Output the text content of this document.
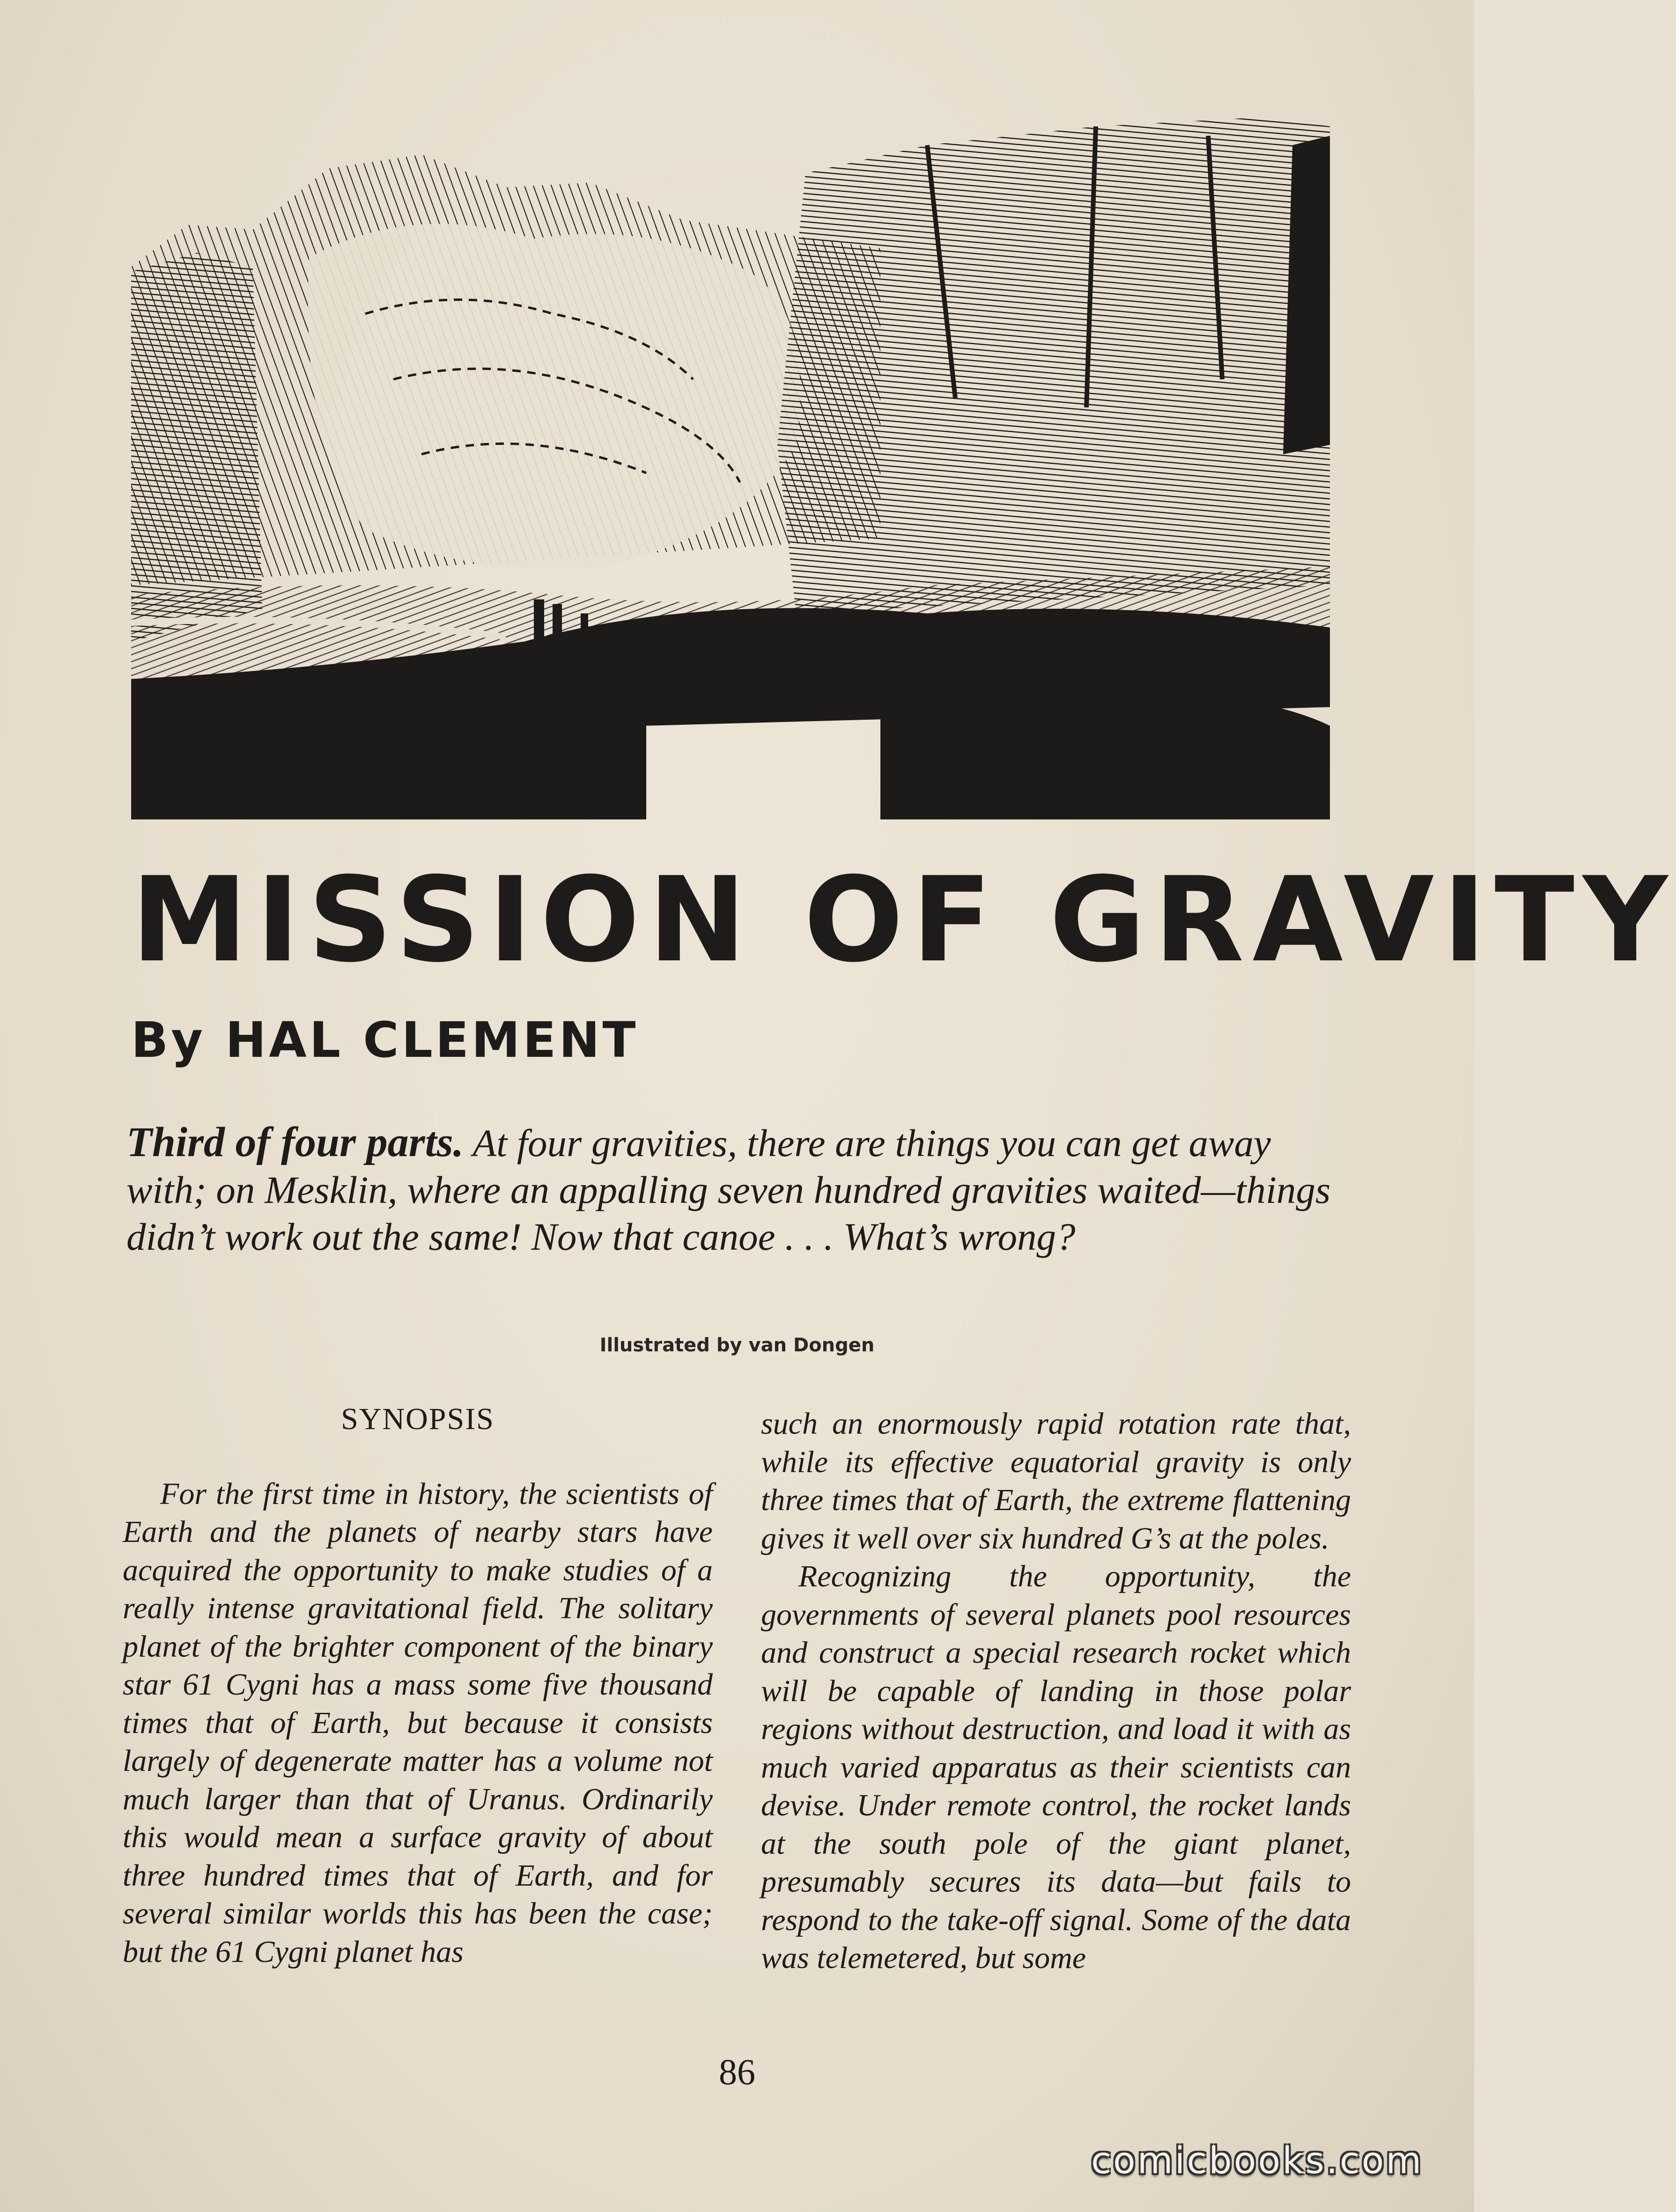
MISSION OF GRAVITY
By HAL CLEMENT
Third of four parts. At four gravities, there are things you can get away with; on Mesklin, where an appalling seven hundred gravities waited—things didn’t work out the same! Now that canoe . . . What’s wrong?
Illustrated by van Dongen

SYNOPSIS

For the first time in history, the scientists of Earth and the planets of nearby stars have acquired the opportunity to make studies of a really intense gravitational field. The solitary planet of the brighter component of the binary star 61 Cygni has a mass some five thousand times that of Earth, but because it consists largely of degenerate matter has a volume not much larger than that of Uranus. Ordinarily this would mean a surface gravity of about three hundred times that of Earth, and for several similar worlds this has been the case; but the 61 Cygni planet has

such an enormously rapid rotation rate that, while its effective equatorial gravity is only three times that of Earth, the extreme flattening gives it well over six hundred G’s at the poles.

Recognizing the opportunity, the governments of several planets pool resources and construct a special research rocket which will be capable of landing in those polar regions without destruction, and load it with as much varied apparatus as their scientists can devise. Under remote control, the rocket lands at the south pole of the giant planet, presumably secures its data—but fails to respond to the take-off signal. Some of the data was telemetered, but some

86
comicbooks.com
